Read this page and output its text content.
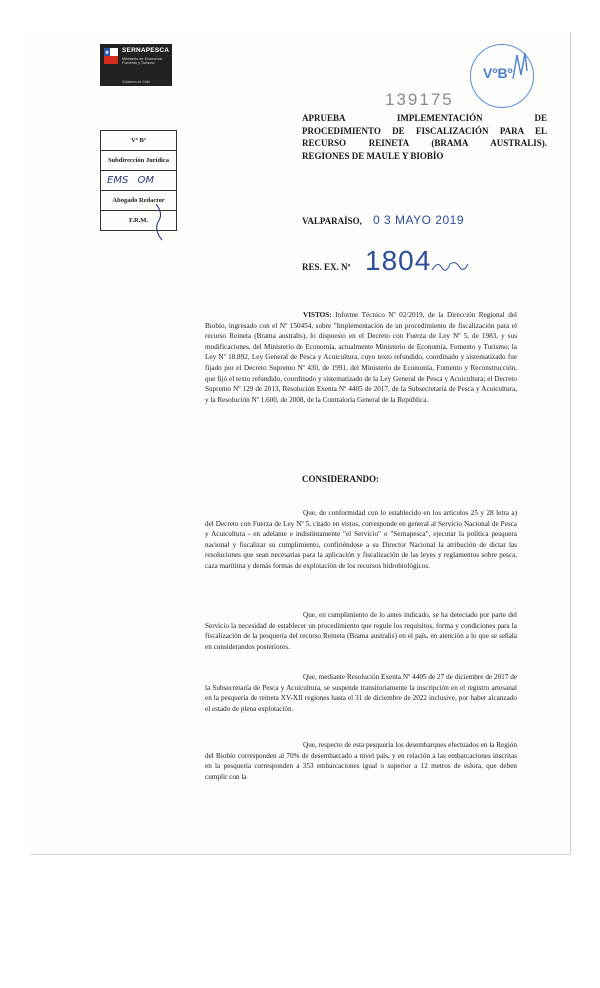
SERNAPESCA
Ministerio de Economía, Fomento y Turismo
Gobierno de Chile
VºBº
139175
Vº Bº
Subdirección Jurídica
EMS OM
Abogado Redactor
F.R.M.
APRUEBA IMPLEMENTACIÓN DE
PROCEDIMIENTO DE FISCALIZACIÓN PARA EL
RECURSO REINETA (BRAMA AUSTRALIS).
REGIONES DE MAULE Y BIOBÍO
VALPARAÍSO, 0 3 MAYO 2019
RES. EX. Nº 1804
VISTOS: Informe Técnico Nº 02/2019, de la Dirección Regional del Biobío, ingresado con el Nº 150454, sobre "Implementación de un procedimiento de fiscalización para el recurso Reineta (Brama australis), lo dispuesto en el Decreto con Fuerza de Ley Nº 5, de 1983, y sus modificaciones, del Ministerio de Economía, actualmente Ministerio de Economía, Fomento y Turismo; la Ley Nº 18.892, Ley General de Pesca y Acuicultura, cuyo texto refundido, coordinado y sistematizado fue fijado por el Decreto Supremo Nº 430, de 1991, del Ministerio de Economía, Fomento y Reconstrucción, que fijó el texto refundido, coordinado y sistematizado de la Ley General de Pesca y Acuicultura; el Decreto Supremo Nº 129 de 2013, Resolución Exenta Nº 4405 de 2017, de la Subsecretaría de Pesca y Acuicultura, y la Resolución Nº 1.600, de 2008, de la Contraloría General de la República.
CONSIDERANDO:
Que, de conformidad con lo establecido en los artículos 25 y 28 letra a) del Decreto con Fuerza de Ley Nº 5, citado en vistos, corresponde en general al Servicio Nacional de Pesca y Acuicultura - en adelante e indistintamente "el Servicio" o "Sernapesca", ejecutar la política pesquera nacional y fiscalizar su cumplimiento, confiriéndose a su Director Nacional la atribución de dictar las resoluciones que sean necesarias para la aplicación y fiscalización de las leyes y reglamentos sobre pesca, caza marítima y demás formas de explotación de los recursos hidrobiológicos.
Que, en cumplimiento de lo antes indicado, se ha detectado por parte del Servicio la necesidad de establecer un procedimiento que regule los requisitos, forma y condiciones para la fiscalización de la pesquería del recurso Reineta (Brama australis) en el país, en atención a lo que se señala en considerandos posteriores.
Que, mediante Resolución Exenta Nº 4405 de 27 de diciembre de 2017 de la Subsecretaría de Pesca y Acuicultura, se suspende transitoriamente la inscripción en el registro artesanal en la pesquería de reineta XV-XII regiones hasta el 31 de diciembre de 2022 inclusive, por haber alcanzado el estado de plena explotación.
Que, respecto de esta pesquería los desembarques efectuados en la Región del Biobío corresponden al 70% de desembarcado a nivel país, y en relación a las embarcaciones inscritas en la pesquería corresponden a 353 embarcaciones igual o superior a 12 metros de eslora, que deben cumplir con la
